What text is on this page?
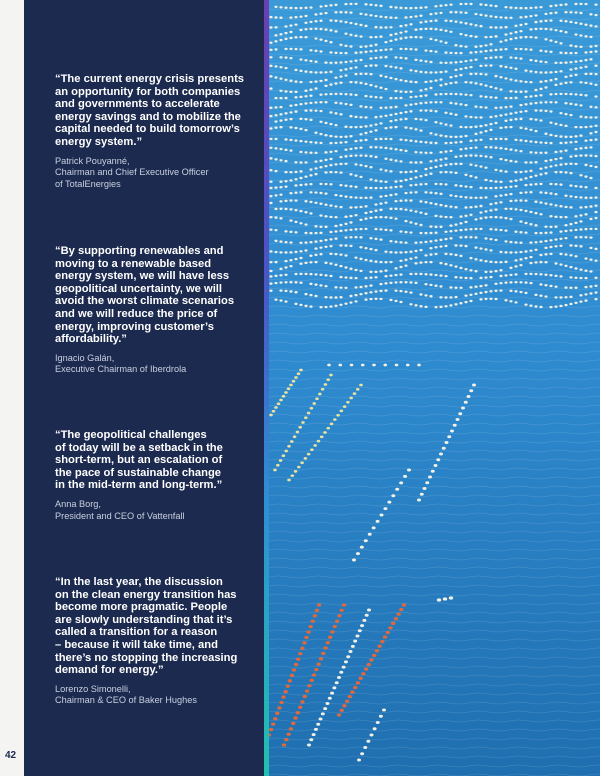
“The current energy crisis presents
an opportunity for both companies
and governments to accelerate
energy savings and to mobilize the
capital needed to build tomorrow’s
energy system.”

Patrick Pouyanné,
Chairman and Chief Executive Officer
of TotalEnergies

“By supporting renewables and
moving to a renewable based
energy system, we will have less
geopolitical uncertainty, we will
avoid the worst climate scenarios
and we will reduce the price of
energy, improving customer’s
affordability.”

Ignacio Galán,
Executive Chairman of Iberdrola

“The geopolitical challenges
of today will be a setback in the
short-term, but an escalation of
the pace of sustainable change
in the mid-term and long-term.”

Anna Borg,
President and CEO of Vattenfall

“In the last year, the discussion
on the clean energy transition has
become more pragmatic. People
are slowly understanding that it’s
called a transition for a reason
– because it will take time, and
there’s no stopping the increasing
demand for energy.”

Lorenzo Simonelli,
Chairman & CEO of Baker Hughes

42
